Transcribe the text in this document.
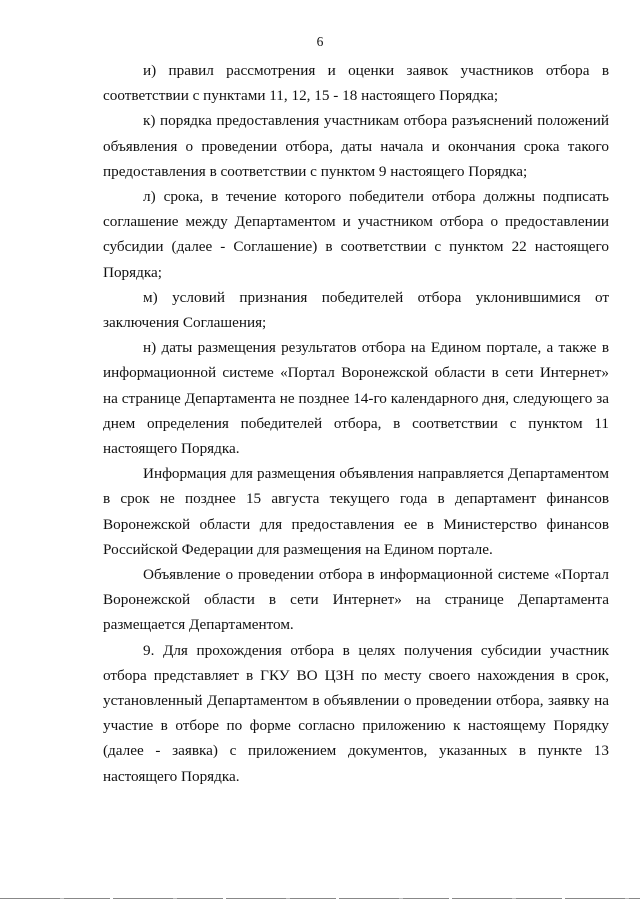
6

и) правил рассмотрения и оценки заявок участников отбора в соответствии с пунктами 11, 12, 15 - 18 настоящего Порядка;

к) порядка предоставления участникам отбора разъяснений положений объявления о проведении отбора, даты начала и окончания срока такого предоставления в соответствии с пунктом 9 настоящего Порядка;

л) срока, в течение которого победители отбора должны подписать соглашение между Департаментом и участником отбора о предоставлении субсидии (далее - Соглашение) в соответствии с пунктом 22 настоящего Порядка;

м) условий признания победителей отбора уклонившимися от заключения Соглашения;

н) даты размещения результатов отбора на Едином портале, а также в информационной системе «Портал Воронежской области в сети Интернет» на странице Департамента не позднее 14-го календарного дня, следующего за днем определения победителей отбора, в соответствии с пунктом 11 настоящего Порядка.

Информация для размещения объявления направляется Департаментом в срок не позднее 15 августа текущего года в департамент финансов Воронежской области для предоставления ее в Министерство финансов Российской Федерации для размещения на Едином портале.

Объявление о проведении отбора в информационной системе «Портал Воронежской области в сети Интернет» на странице Департамента размещается Департаментом.

9. Для прохождения отбора в целях получения субсидии участник отбора представляет в ГКУ ВО ЦЗН по месту своего нахождения в срок, установленный Департаментом в объявлении о проведении отбора, заявку на участие в отборе по форме согласно приложению к настоящему Порядку (далее - заявка) с приложением документов, указанных в пункте 13 настоящего Порядка.
